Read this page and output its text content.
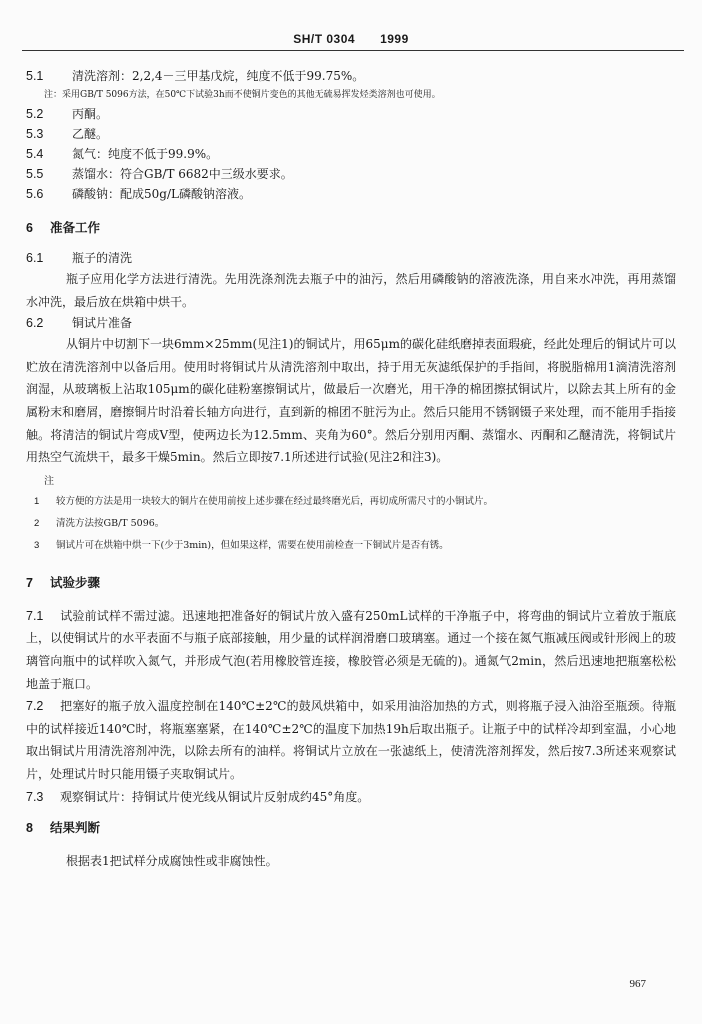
SH/T 0304　　1999

5.1 清洗溶剂：2,2,4－三甲基戊烷，纯度不低于99.75%。

注：采用GB/T 5096方法，在50℃下试验3h而不使铜片变色的其他无硫易挥发烃类溶剂也可使用。

5.2 丙酮。

5.3 乙醚。

5.4 氮气：纯度不低于99.9%。

5.5 蒸馏水：符合GB/T 6682中三级水要求。

5.6 磷酸钠：配成50g/L磷酸钠溶液。

6 准备工作

6.1 瓶子的清洗

瓶子应用化学方法进行清洗。先用洗涤剂洗去瓶子中的油污，然后用磷酸钠的溶液洗涤，用自来水冲洗，再用蒸馏水冲洗，最后放在烘箱中烘干。

6.2 铜试片准备

从铜片中切割下一块6mm×25mm(见注1)的铜试片，用65μm的碳化硅纸磨掉表面瑕疵，经此处理后的铜试片可以贮放在清洗溶剂中以备后用。使用时将铜试片从清洗溶剂中取出，持于用无灰滤纸保护的手指间，将脱脂棉用1滴清洗溶剂润湿，从玻璃板上沾取105μm的碳化硅粉塞擦铜试片，做最后一次磨光，用干净的棉团擦拭铜试片，以除去其上所有的金属粉末和磨屑，磨擦铜片时沿着长轴方向进行，直到新的棉团不脏污为止。然后只能用不锈钢镊子来处理，而不能用手指接触。将清洁的铜试片弯成V型，使两边长为12.5mm、夹角为60°。然后分别用丙酮、蒸馏水、丙酮和乙醚清洗，将铜试片用热空气流烘干，最多干燥5min。然后立即按7.1所述进行试验(见注2和注3)。

注

1 较方便的方法是用一块较大的铜片在使用前按上述步骤在经过最终磨光后，再切成所需尺寸的小铜试片。

2 清洗方法按GB/T 5096。

3 铜试片可在烘箱中烘一下(少于3min)，但如果这样，需要在使用前检查一下铜试片是否有锈。

7 试验步骤

7.1 试验前试样不需过滤。迅速地把准备好的铜试片放入盛有250mL试样的干净瓶子中，将弯曲的铜试片立着放于瓶底上，以使铜试片的水平表面不与瓶子底部接触，用少量的试样润滑磨口玻璃塞。通过一个接在氮气瓶减压阀或针形阀上的玻璃管向瓶中的试样吹入氮气，并形成气泡(若用橡胶管连接，橡胶管必须是无硫的)。通氮气2min，然后迅速地把瓶塞松松地盖于瓶口。

7.2 把塞好的瓶子放入温度控制在140℃±2℃的鼓风烘箱中，如采用油浴加热的方式，则将瓶子浸入油浴至瓶颈。待瓶中的试样接近140℃时，将瓶塞塞紧，在140℃±2℃的温度下加热19h后取出瓶子。让瓶子中的试样冷却到室温，小心地取出铜试片用清洗溶剂冲洗，以除去所有的油样。将铜试片立放在一张滤纸上，使清洗溶剂挥发，然后按7.3所述来观察试片，处理试片时只能用镊子夹取铜试片。

7.3 观察铜试片：持铜试片使光线从铜试片反射成约45°角度。

8 结果判断

根据表1把试样分成腐蚀性或非腐蚀性。

967
